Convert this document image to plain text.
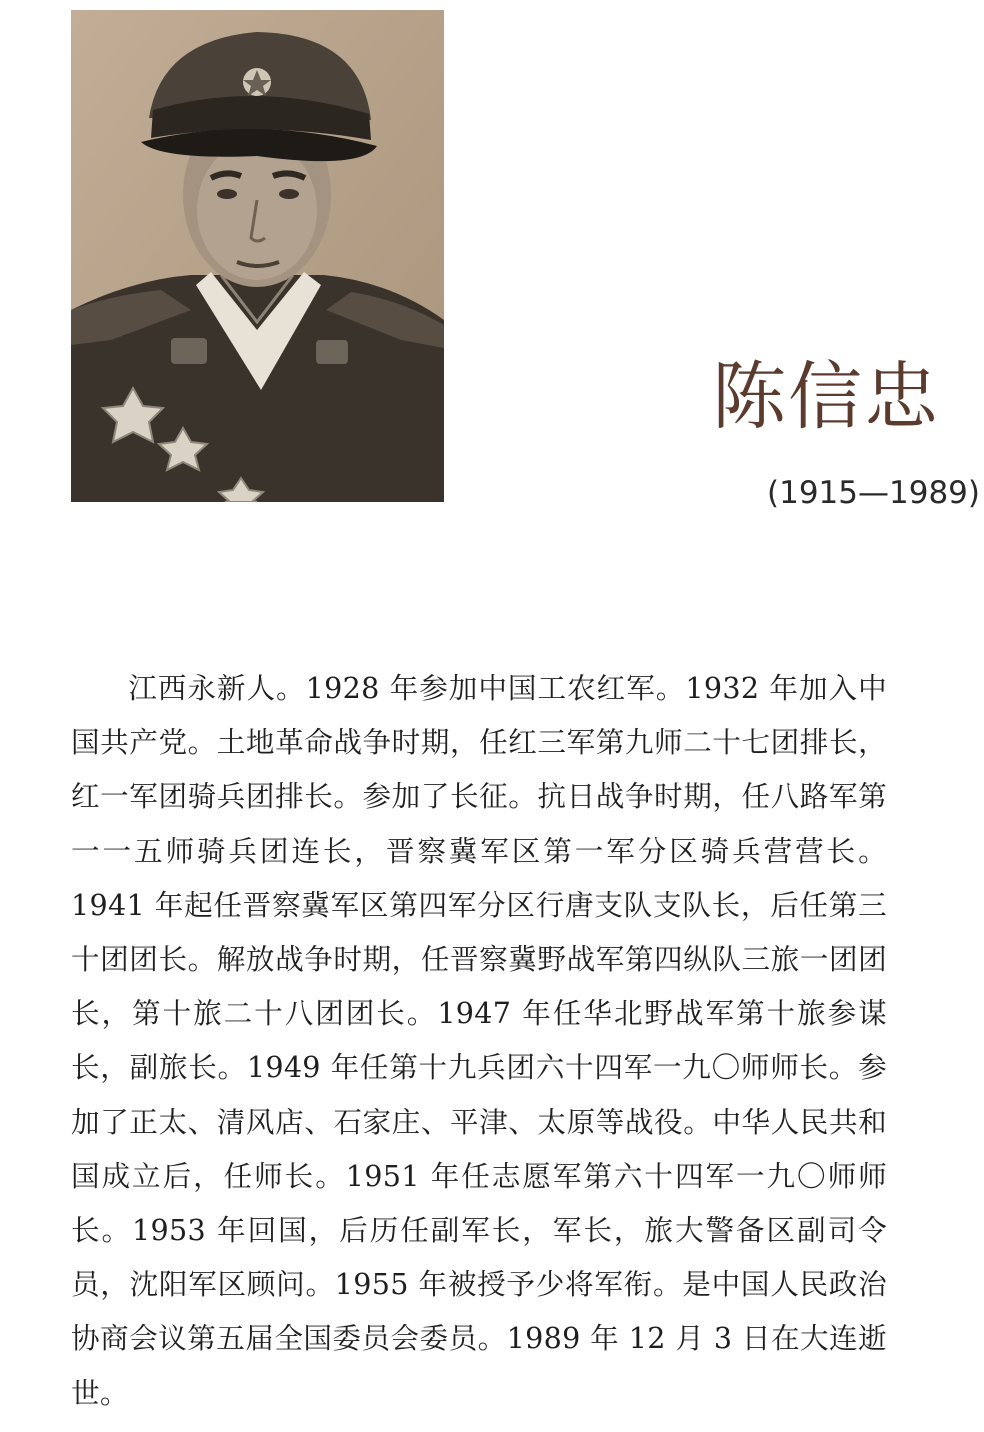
陈信忠
(1915—1989)

江西永新人。1928 年参加中国工农红军。1932 年加入中国共产党。土地革命战争时期，任红三军第九师二十七团排长，红一军团骑兵团排长。参加了长征。抗日战争时期，任八路军第一一五师骑兵团连长，晋察冀军区第一军分区骑兵营营长。1941 年起任晋察冀军区第四军分区行唐支队支队长，后任第三十团团长。解放战争时期，任晋察冀野战军第四纵队三旅一团团长，第十旅二十八团团长。1947 年任华北野战军第十旅参谋长，副旅长。1949 年任第十九兵团六十四军一九〇师师长。参加了正太、清风店、石家庄、平津、太原等战役。中华人民共和国成立后，任师长。1951 年任志愿军第六十四军一九〇师师长。1953 年回国，后历任副军长，军长，旅大警备区副司令员，沈阳军区顾问。1955 年被授予少将军衔。是中国人民政治协商会议第五届全国委员会委员。1989 年 12 月 3 日在大连逝世。
